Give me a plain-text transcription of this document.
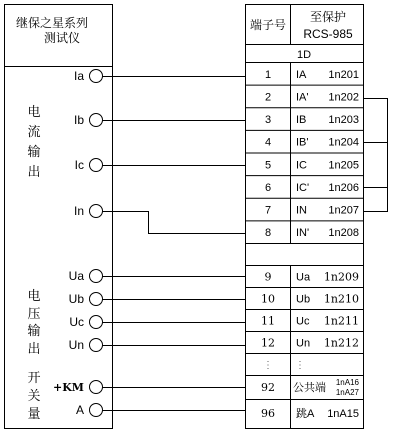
继保之星系列
测试仪
电
流
输
出
电
压
输
出
开
关
量
Ia
Ib
Ic
In
Ua
Ub
Uc
Un
+KM
A
端子号
至保护
RCS-985
1D
⋮ ⋮
1 IA 1n201
2 IA' 1n202
3 IB 1n203
4 IB' 1n204
5 IC 1n205
6 IC' 1n206
7 IN 1n207
8 IN' 1n208
9 Ua 1n209
10 Ub 1n210
11 Uc 1n211
12 Un 1n212
92 公共端 1nA16
1nA27
96 跳A 1nA15
